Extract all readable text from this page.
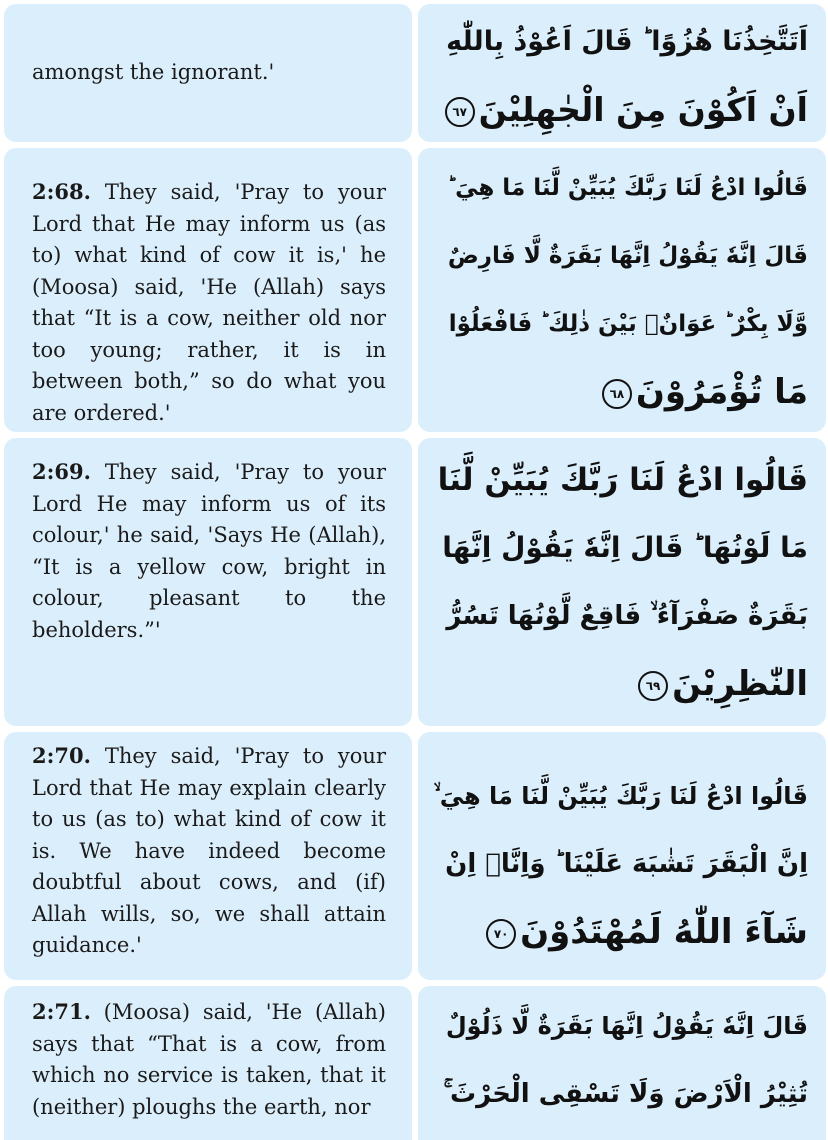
amongst the ignorant.'
اَتَتَّخِذُنَا هُزُوًا ؕ قَالَ اَعُوْذُ بِاللّٰهِ
اَنْ اَكُوْنَ مِنَ الْجٰهِلِيْنَ٦٧
2:68. They said, 'Pray to your Lord that He may inform us (as to) what kind of cow it is,' he (Moosa) said, 'He (Allah) says that “It is a cow, neither old nor too young; rather, it is in between both,” so do what you are ordered.'
قَالُوا ادْعُ لَنَا رَبَّكَ يُبَيِّنْ لَّنَا مَا هِيَ ؕ
قَالَ اِنَّهٗ يَقُوْلُ اِنَّهَا بَقَرَةٌ لَّا فَارِضٌ
وَّلَا بِكْرٌ ؕ عَوَانٌۢ بَيْنَ ذٰلِكَ ؕ فَافْعَلُوْا
مَا تُؤْمَرُوْنَ٦٨
2:69. They said, 'Pray to your Lord He may inform us of its colour,' he said, 'Says He (Allah), “It is a yellow cow, bright in colour, pleasant to the beholders.”'
قَالُوا ادْعُ لَنَا رَبَّكَ يُبَيِّنْ لَّنَا
مَا لَوْنُهَا ؕ قَالَ اِنَّهٗ يَقُوْلُ اِنَّهَا
بَقَرَةٌ صَفْرَآءُ ۙ فَاقِعٌ لَّوْنُهَا تَسُرُّ
النّٰظِرِيْنَ٦٩
2:70. They said, 'Pray to your Lord that He may explain clearly to us (as to) what kind of cow it is. We have indeed become doubtful about cows, and (if) Allah wills, so, we shall attain guidance.'
قَالُوا ادْعُ لَنَا رَبَّكَ يُبَيِّنْ لَّنَا مَا هِيَ ۙ
اِنَّ الْبَقَرَ تَشٰبَهَ عَلَيْنَا ؕ وَاِنَّاۤ اِنْ
شَآءَ اللّٰهُ لَمُهْتَدُوْنَ٧٠
2:71. (Moosa) said, 'He (Allah) says that “That is a cow, from which no service is taken, that it (neither) ploughs the earth, nor
قَالَ اِنَّهٗ يَقُوْلُ اِنَّهَا بَقَرَةٌ لَّا ذَلُوْلٌ
تُثِيْرُ الْاَرْضَ وَلَا تَسْقِى الْحَرْثَ ۚ
